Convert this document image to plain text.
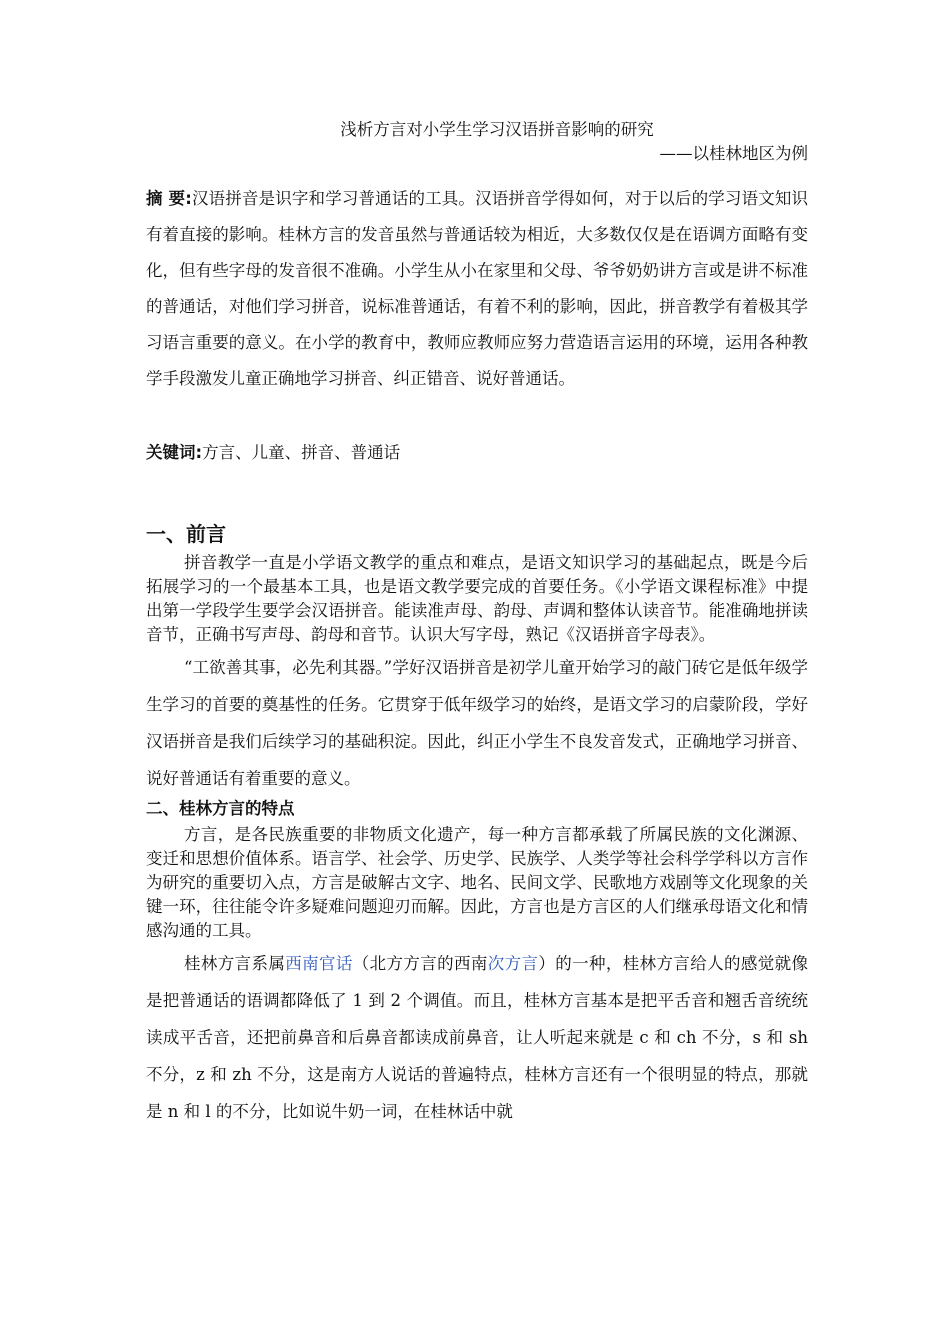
浅析方言对小学生学习汉语拼音影响的研究

——以桂林地区为例

摘 要:汉语拼音是识字和学习普通话的工具。汉语拼音学得如何，对于以后的学习语文知识有着直接的影响。桂林方言的发音虽然与普通话较为相近，大多数仅仅是在语调方面略有变化，但有些字母的发音很不准确。小学生从小在家里和父母、爷爷奶奶讲方言或是讲不标准的普通话，对他们学习拼音，说标准普通话，有着不利的影响，因此，拼音教学有着极其学习语言重要的意义。在小学的教育中，教师应教师应努力营造语言运用的环境，运用各种教学手段激发儿童正确地学习拼音、纠正错音、说好普通话。

关键词:方言、儿童、拼音、普通话
一、前言

拼音教学一直是小学语文教学的重点和难点，是语文知识学习的基础起点，既是今后拓展学习的一个最基本工具，也是语文教学要完成的首要任务。《小学语文课程标准》中提出第一学段学生要学会汉语拼音。能读准声母、韵母、声调和整体认读音节。能准确地拼读音节，正确书写声母、韵母和音节。认识大写字母，熟记《汉语拼音字母表》。

“工欲善其事，必先利其器。”学好汉语拼音是初学儿童开始学习的敲门砖它是低年级学生学习的首要的奠基性的任务。它贯穿于低年级学习的始终，是语文学习的启蒙阶段，学好汉语拼音是我们后续学习的基础积淀。因此，纠正小学生不良发音发式，正确地学习拼音、说好普通话有着重要的意义。

二、桂林方言的特点

方言，是各民族重要的非物质文化遗产，每一种方言都承载了所属民族的文化渊源、变迁和思想价值体系。语言学、社会学、历史学、民族学、人类学等社会科学学科以方言作为研究的重要切入点，方言是破解古文字、地名、民间文学、民歌地方戏剧等文化现象的关键一环，往往能令许多疑难问题迎刃而解。因此，方言也是方言区的人们继承母语文化和情感沟通的工具。

桂林方言系属西南官话（北方方言的西南次方言）的一种，桂林方言给人的感觉就像是把普通话的语调都降低了 1 到 2 个调值。而且，桂林方言基本是把平舌音和翘舌音统统读成平舌音，还把前鼻音和后鼻音都读成前鼻音，让人听起来就是 c 和 ch 不分，s 和 sh 不分，z 和 zh 不分，这是南方人说话的普遍特点，桂林方言还有一个很明显的特点，那就是 n 和 l 的不分，比如说牛奶一词，在桂林话中就
